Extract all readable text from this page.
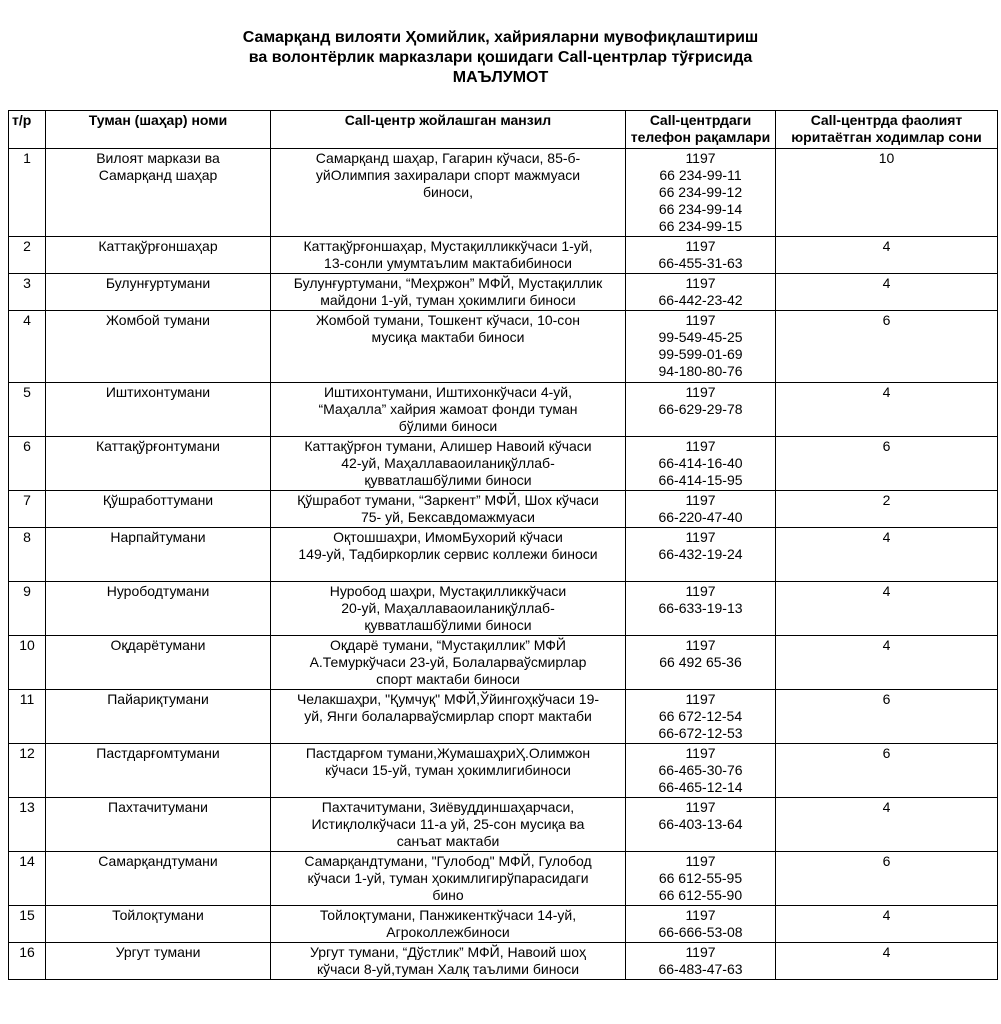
Самарқанд вилояти Ҳомийлик, хайрияларни мувофиқлаштириш
ва волонтёрлик марказлари қошидаги Call-центрлар тўғрисида
МАЪЛУМОТ
т/р	Туман (шаҳар) номи	Call-центр жойлашган манзил	Call-центрдаги телефон рақамлари	Call-центрда фаолият юритаётган ходимлар сони
1	Вилоят маркази ва
Самарқанд шаҳар	Самарқанд шаҳар, Гагарин кўчаси, 85-б-
уйОлимпия захиралари спорт мажмуаси
биноси,	1197
66 234-99-11
66 234-99-12
66 234-99-14
66 234-99-15	10
2	Каттақўрғоншаҳар	Каттақўрғоншаҳар, Мустақилликкўчаси 1-уй,
13-сонли умумтаълим мактабибиноси	1197
66-455-31-63	4
3	Булунғуртумани	Булунғуртумани, “Меҳржон” МФЙ, Мустақиллик
майдони 1-уй, туман ҳокимлиги биноси	1197
66-442-23-42	4
4	Жомбой тумани	Жомбой тумани, Тошкент кўчаси, 10-сон
мусиқа мактаби биноси	1197
99-549-45-25
99-599-01-69
94-180-80-76	6
5	Иштихонтумани	Иштихонтумани, Иштихонкўчаси 4-уй,
“Маҳалла” хайрия жамоат фонди туман
бўлими биноси	1197
66-629-29-78	4
6	Каттақўрғонтумани	Каттақўрғон тумани, Алишер Навоий кўчаси
42-уй, Маҳаллаваоиланиқўллаб-
қувватлашбўлими биноси	1197
66-414-16-40
66-414-15-95	6
7	Қўшработтумани	Қўшработ тумани, “Заркент” МФЙ, Шох кўчаси
75- уй, Бексавдомажмуаси	1197
66-220-47-40	2
8	Нарпайтумани	Оқтошшаҳри, ИмомБухорий кўчаси
149-уй, Тадбиркорлик сервис коллежи биноси	1197
66-432-19-24	4
9	Нурободтумани	Нуробод шаҳри, Мустақилликкўчаси
20-уй, Маҳаллаваоиланиқўллаб-
қувватлашбўлими биноси	1197
66-633-19-13	4
10	Оқдарётумани	Оқдарё тумани, “Мустақиллик” МФЙ
А.Темуркўчаси 23-уй, Болаларваўсмирлар
спорт мактаби биноси	1197
66 492 65-36	4
11	Пайариқтумани	Челакшаҳри, "Қумчуқ" МФЙ,Ўйингоҳкўчаси 19-
уй, Янги болаларваўсмирлар спорт мактаби	1197
66 672-12-54
66-672-12-53	6
12	Пастдарғомтумани	Пастдарғом тумани,ЖумашаҳриҲ.Олимжон
кўчаси 15-уй, туман ҳокимлигибиноси	1197
66-465-30-76
66-465-12-14	6
13	Пахтачитумани	Пахтачитумани, Зиёвуддиншаҳарчаси,
Истиқлолкўчаси 11-а уй, 25-сон мусиқа ва
санъат мактаби	1197
66-403-13-64	4
14	Самарқандтумани	Самарқандтумани, "Гулобод" МФЙ, Гулобод
кўчаси 1-уй, туман ҳокимлигирўпарасидаги
бино	1197
66 612-55-95
66 612-55-90	6
15	Тойлоқтумани	Тойлоқтумани, Панжикенткўчаси 14-уй,
Агроколлежбиноси	1197
66-666-53-08	4
16	Ургут тумани	Ургут тумани, “Дўстлик” МФЙ, Навоий шоҳ
кўчаси 8-уй,туман Халқ таълими биноси	1197
66-483-47-63	4
